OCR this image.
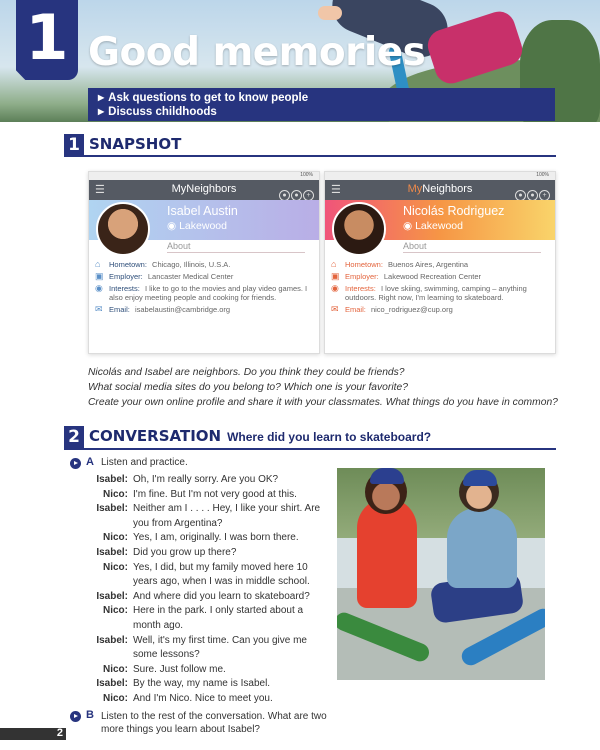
1 Good memories
▶ Ask questions to get to know people
▶ Discuss childhoods
1 SNAPSHOT
100%
☰	MyNeighbors
● ● +
Isabel Austin
◉ Lakewood
About
⌂	Hometown: Chicago, Illinois, U.S.A.
▣ Employer: Lancaster Medical Center
◉ Interests: I like to go to the movies and play video games. I also enjoy meeting people and cooking for friends.
✉ Email: isabelaustin@cambridge.org
100%
☰	MyNeighbors
● ● +
Nicolás Rodriguez
◉ Lakewood
About
⌂	Hometown: Buenos Aires, Argentina
▣ Employer: Lakewood Recreation Center
◉ Interests: I love skiing, swimming, camping – anything outdoors. Right now, I'm learning to skateboard.
✉ Email: nico_rodriguez@cup.org
Nicolás and Isabel are neighbors. Do you think they could be friends?
What social media sites do you belong to? Which one is your favorite?
Create your own online profile and share it with your classmates. What things do you have in common?
2 CONVERSATION Where did you learn to skateboard?
A Listen and practice.
Isabel: Oh, I'm really sorry. Are you OK?
Nico: I'm fine. But I'm not very good at this.
Isabel: Neither am I . . . . Hey, I like your shirt. Are you from Argentina?
Nico: Yes, I am, originally. I was born there.
Isabel: Did you grow up there?
Nico: Yes, I did, but my family moved here 10 years ago, when I was in middle school.
Isabel: And where did you learn to skateboard?
Nico: Here in the park. I only started about a month ago.
Isabel: Well, it's my first time. Can you give me some lessons?
Nico: Sure. Just follow me.
Isabel: By the way, my name is Isabel.
Nico: And I'm Nico. Nice to meet you.
B Listen to the rest of the conversation. What are two more things you learn about Isabel?
2
